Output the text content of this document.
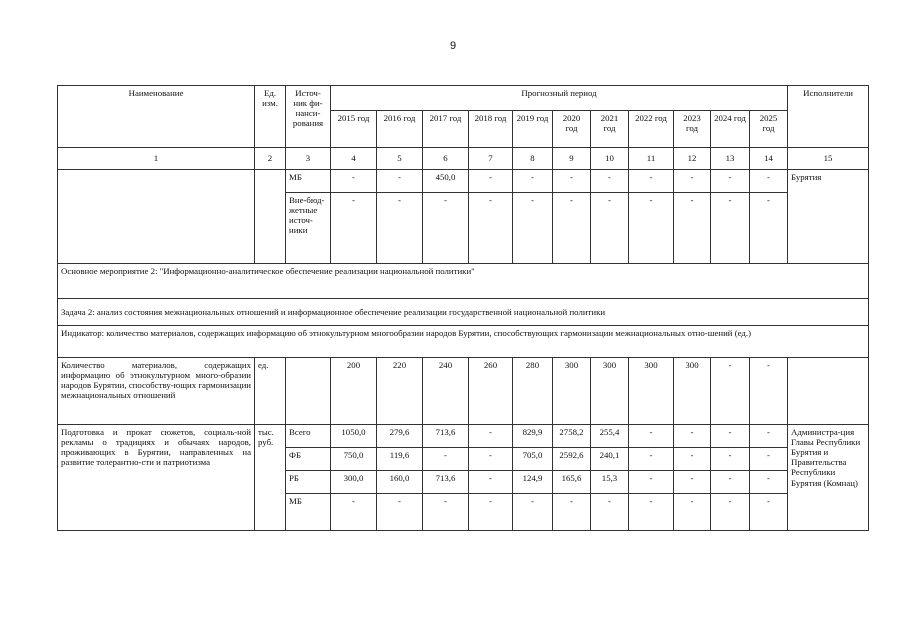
9
Наименование	Ед. изм.	Источ-ник фи-нанси-рования	Прогнозный период											Исполнители
			2015 год	2016 год	2017 год	2018 год	2019 год	2020 год	2021 год	2022 год	2023 год	2024 год	2025 год	
1	2	3	4	5	6	7	8	9	10	11	12	13	14	15
		МБ	-	-	450,0	-	-	-	-	-	-	-	-	Бурятия
		Вне-бюд-жетные источ-ники	-	-	-	-	-	-	-	-	-	-	-	
Основное мероприятие 2: "Информационно-аналитическое обеспечение реализации национальной политики"														
Задача 2: анализ состояния межнациональных отношений и информационное обеспечение реализации государственной национальной политики														
Индикатор: количество материалов, содержащих информацию об этнокультурном многообразии народов Бурятии, способствующих гармонизации межнациональных отно-шений (ед.)														
Количество материалов, содержащих информацию об этнокультурном много-образии народов Бурятии, способству-ющих гармонизации межнациональных отношений	ед.		200	220	240	260	280	300	300	300	300	-	-	
Подготовка и прокат сюжетов, социаль-ной рекламы о традициях и обычаях народов, проживающих в Бурятии, направленных на развитие толерантно-сти и патриотизма	тыс. руб.	Всего	1050,0	279,6	713,6	-	829,9	2758,2	255,4	-	-	-	-	Администра-ция Главы Республики Бурятия и Правительства Республики Бурятия (Комнац)
		ФБ	750,0	119,6	-	-	705,0	2592,6	240,1	-	-	-	-	
		РБ	300,0	160,0	713,6	-	124,9	165,6	15,3	-	-	-	-	
		МБ	-	-	-	-	-	-	-	-	-	-	-	
